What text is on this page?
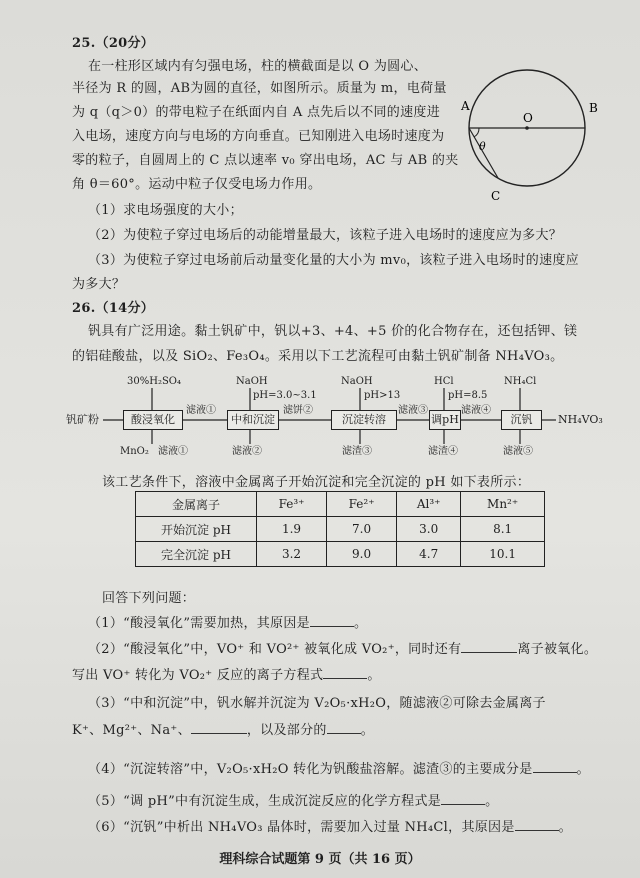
25.（20分）
在一柱形区域内有匀强电场，柱的横截面是以 O 为圆心、
半径为 R 的圆，AB为圆的直径，如图所示。质量为 m，电荷量
为 q（q＞0）的带电粒子在纸面内自 A 点先后以不同的速度进
入电场，速度方向与电场的方向垂直。已知刚进入电场时速度为
零的粒子，自圆周上的 C 点以速率 v₀ 穿出电场，AC 与 AB 的夹
角 θ＝60°。运动中粒子仅受电场力作用。
（1）求电场强度的大小；
（2）为使粒子穿过电场后的动能增量最大，该粒子进入电场时的速度应为多大？
（3）为使粒子穿过电场前后动量变化量的大小为 mv₀，该粒子进入电场时的速度应
为多大？
A	B
C
O
θ
26.（14分）
钒具有广泛用途。黏土钒矿中，钒以+3、+4、+5 价的化合物存在，还包括钾、镁
的铝硅酸盐，以及 SiO₂、Fe₃O₄。采用以下工艺流程可由黏土钒矿制备 NH₄VO₃。
钒矿粉	酸浸氧化
30%H₂SO₄
MnO₂ 滤液①
滤液①
中和沉淀
NaOH
pH=3.0~3.1
滤液②
滤饼②
沉淀转溶
NaOH
pH>13
滤渣③
滤液③
调pH
HCl
pH=8.5
滤渣④
滤液④
沉钒
NH₄Cl
滤液⑤
NH₄VO₃
该工艺条件下，溶液中金属离子开始沉淀和完全沉淀的 pH 如下表所示：
金属离子	Fe³⁺	Fe²⁺	Al³⁺	Mn²⁺
开始沉淀 pH	1.9	7.0	3.0	8.1
完全沉淀 pH	3.2	9.0	4.7	10.1
回答下列问题：
（1）“酸浸氧化”需要加热，其原因是	。
（2）“酸浸氧化”中，VO⁺ 和 VO²⁺ 被氧化成 VO₂⁺，同时还有	离子被氧化。
写出 VO⁺ 转化为 VO₂⁺ 反应的离子方程式	。
（3）“中和沉淀”中，钒水解并沉淀为 V₂O₅·xH₂O，随滤液②可除去金属离子
K⁺、Mg²⁺、Na⁺、	，以及部分的	。
（4）“沉淀转溶”中，V₂O₅·xH₂O 转化为钒酸盐溶解。滤渣③的主要成分是	。
（5）“调 pH”中有沉淀生成，生成沉淀反应的化学方程式是	。
（6）“沉钒”中析出 NH₄VO₃ 晶体时，需要加入过量 NH₄Cl，其原因是	。
理科综合试题第 9 页（共 16 页）
